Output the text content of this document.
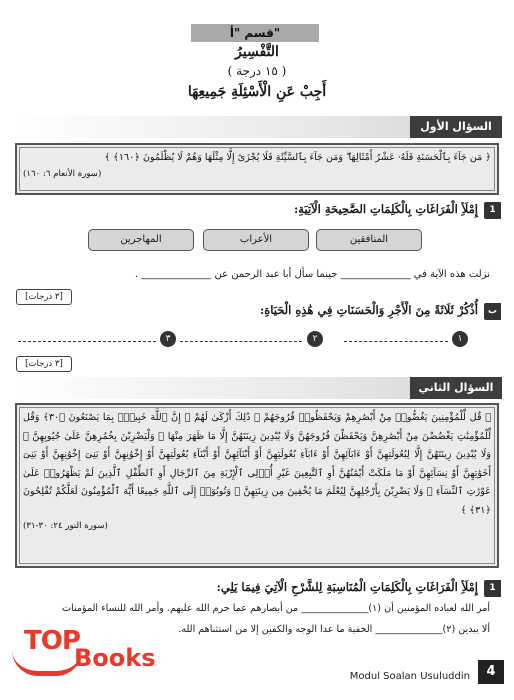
قسم "أ"
التَّفْسِيرُ
( ١٥ درجة )
أَجِبْ عَنِ الْأَسْئِلَةِ جَمِيعِهَا
السؤال الأول
﴿ مَن جَآءَ بِٱلْحَسَنَةِ فَلَهُۥ عَشْرُ أَمْثَالِهَا ۖ وَمَن جَآءَ بِٱلسَّيِّئَةِ فَلَا يُجْزَىٰٓ إِلَّا مِثْلَهَا وَهُمْ لَا يُظْلَمُونَ ﴿١٦٠﴾ ﴾
(سورة الأنعام ٦: ١٦٠)
1
إِمْلَأِ الْفَرَاغَاتِ بِالْكَلِمَاتِ الصَّحِيحَةِ الْآتِيَةِ:
المنافقين
الأعراب
المهاجرين
نزلت هذه الآية في ______________ حينما سأل أبا عبد الرحمن عن ______________ .
[٣ درجات]
ب
أُذْكُرْ ثَلَاثَةً مِنَ الْأَجْرِ وَالْحَسَنَاتِ فِي هَٰذِهِ الْحَيَاةِ:
١
٢
٣
[٣ درجات]
السؤال الثاني
﴿ قُل لِّلْمُؤْمِنِينَ يَغُضُّوا۟ مِنْ أَبْصَٰرِهِمْ وَيَحْفَظُوا۟ فُرُوجَهُمْ ۚ ذَٰلِكَ أَزْكَىٰ لَهُمْ ۗ إِنَّ ٱللَّهَ خَبِيرٌۢ بِمَا يَصْنَعُونَ ﴿٣٠﴾ وَقُل لِّلْمُؤْمِنَٰتِ يَغْضُضْنَ مِنْ أَبْصَٰرِهِنَّ وَيَحْفَظْنَ فُرُوجَهُنَّ وَلَا يُبْدِينَ زِينَتَهُنَّ إِلَّا مَا ظَهَرَ مِنْهَا ۖ وَلْيَضْرِبْنَ بِخُمُرِهِنَّ عَلَىٰ جُيُوبِهِنَّ ۖ وَلَا يُبْدِينَ زِينَتَهُنَّ إِلَّا لِبُعُولَتِهِنَّ أَوْ ءَابَآئِهِنَّ أَوْ ءَابَآءِ بُعُولَتِهِنَّ أَوْ أَبْنَآئِهِنَّ أَوْ أَبْنَآءِ بُعُولَتِهِنَّ أَوْ إِخْوَٰنِهِنَّ أَوْ بَنِىٓ إِخْوَٰنِهِنَّ أَوْ بَنِىٓ أَخَوَٰتِهِنَّ أَوْ نِسَآئِهِنَّ أَوْ مَا مَلَكَتْ أَيْمَٰنُهُنَّ أَوِ ٱلتَّٰبِعِينَ غَيْرِ أُو۟لِى ٱلْإِرْبَةِ مِنَ ٱلرِّجَالِ أَوِ ٱلطِّفْلِ ٱلَّذِينَ لَمْ يَظْهَرُوا۟ عَلَىٰ عَوْرَٰتِ ٱلنِّسَآءِ ۖ وَلَا يَضْرِبْنَ بِأَرْجُلِهِنَّ لِيُعْلَمَ مَا يُخْفِينَ مِن زِينَتِهِنَّ ۚ وَتُوبُوٓا۟ إِلَى ٱللَّهِ جَمِيعًا أَيُّهَ ٱلْمُؤْمِنُونَ لَعَلَّكُمْ تُفْلِحُونَ ﴿٣١﴾ ﴾
(سورة النور ٢٤: ٣٠-٣١)
1
إِمْلَأِ الْفَرَاغَاتِ بِالْكَلِمَاتِ الْمُنَاسِبَةِ لِلشَّرْحِ الْآتِيَ فِيمَا يَلِي:
أمر الله لعباده المؤمنين أن (١)______________ من أبصارهم عما حرم الله عليهم. وأمر الله للنساء المؤمنات
ألا يبدين (٢)______________ الخفية ما عدا الوجه والكفين إلا من استثناهم الله.
TOP
Books
Modul Soalan Usuluddin	4
